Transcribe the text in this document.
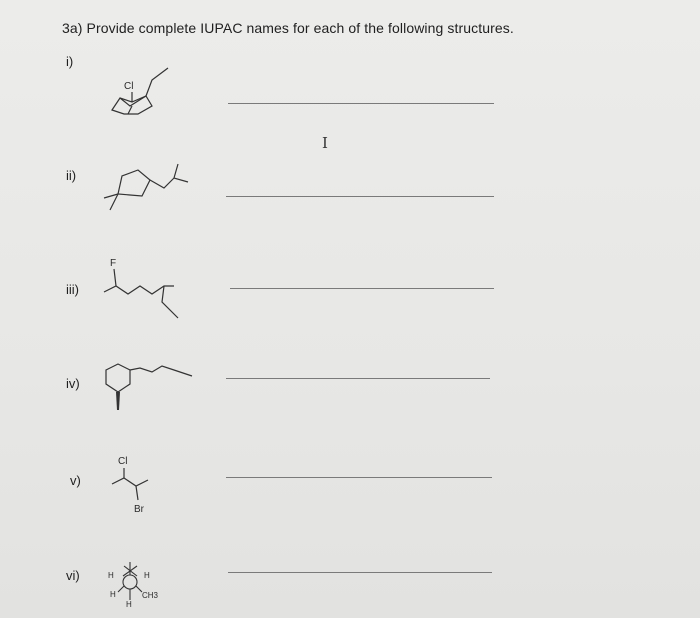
3a) Provide complete IUPAC names for each of the following structures.
i)
Cl
I
ii)
iii)
F
iv)
v)
Cl
Br
vi)	H	H
H
H
CH3
